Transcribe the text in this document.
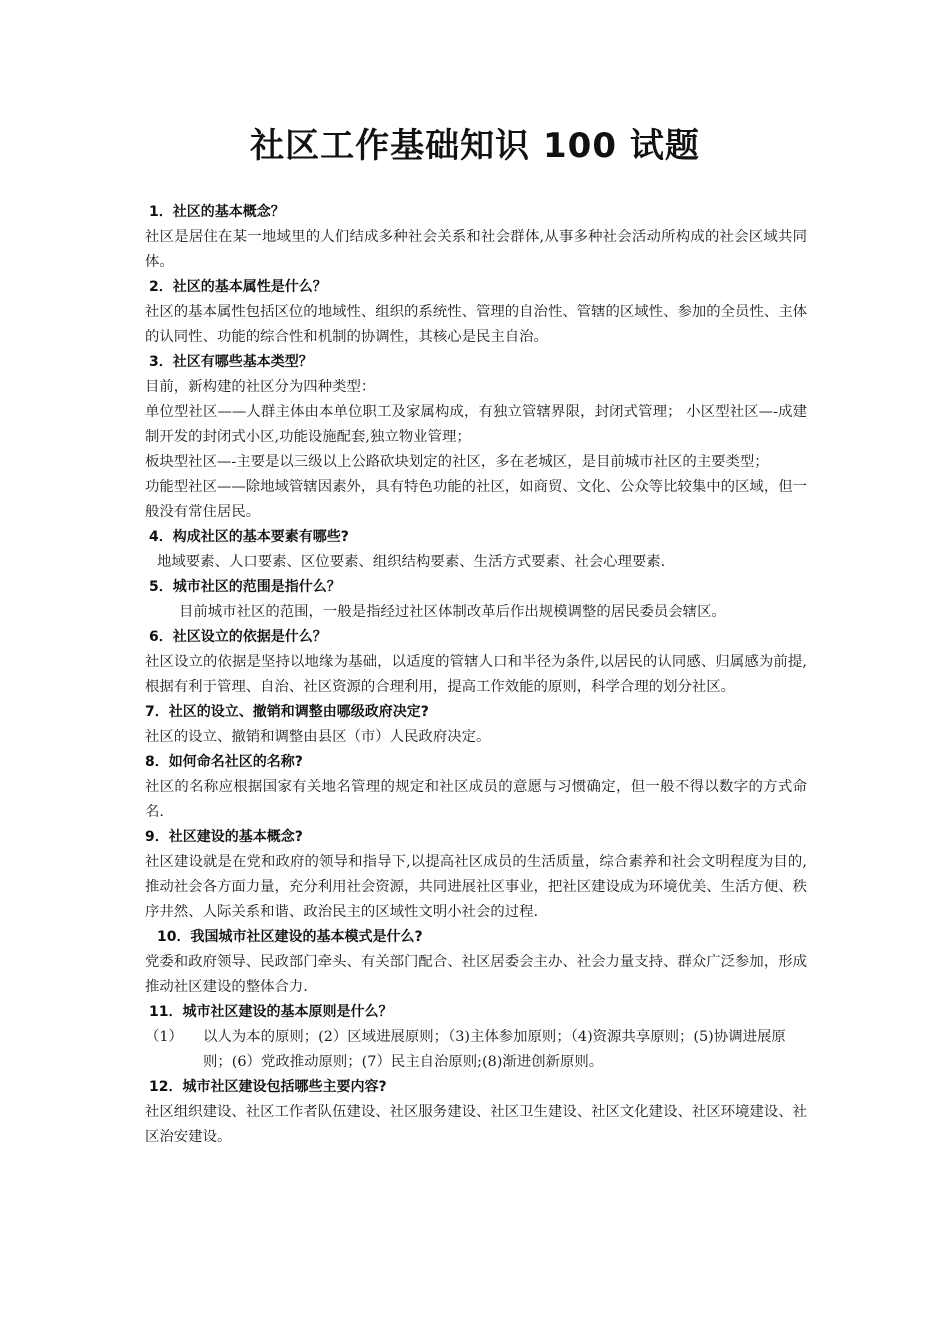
社区工作基础知识 100 试题
1．社区的基本概念？
社区是居住在某一地域里的人们结成多种社会关系和社会群体,从事多种社会活动所构成的社会区域共同体。
2．社区的基本属性是什么？
社区的基本属性包括区位的地域性、组织的系统性、管理的自治性、管辖的区域性、参加的全员性、主体的认同性、功能的综合性和机制的协调性，其核心是民主自治。
3．社区有哪些基本类型？
目前，新构建的社区分为四种类型：
单位型社区——人群主体由本单位职工及家属构成，有独立管辖界限，封闭式管理； 小区型社区—-成建制开发的封闭式小区,功能设施配套,独立物业管理；
板块型社区—-主要是以三级以上公路砍块划定的社区，多在老城区，是目前城市社区的主要类型；
功能型社区——除地域管辖因素外，具有特色功能的社区，如商贸、文化、公众等比较集中的区域，但一般没有常住居民。
4．构成社区的基本要素有哪些?
地域要素、人口要素、区位要素、组织结构要素、生活方式要素、社会心理要素.
5．城市社区的范围是指什么？
目前城市社区的范围，一般是指经过社区体制改革后作出规模调整的居民委员会辖区。
6．社区设立的依据是什么？
社区设立的依据是坚持以地缘为基础，以适度的管辖人口和半径为条件,以居民的认同感、归属感为前提,根据有利于管理、自治、社区资源的合理利用，提高工作效能的原则，科学合理的划分社区。
7．社区的设立、撤销和调整由哪级政府决定?
社区的设立、撤销和调整由县区（市）人民政府决定。
8．如何命名社区的名称?
社区的名称应根据国家有关地名管理的规定和社区成员的意愿与习惯确定，但一般不得以数字的方式命名.
9．社区建设的基本概念?
社区建设就是在党和政府的领导和指导下,以提高社区成员的生活质量，综合素养和社会文明程度为目的,推动社会各方面力量，充分利用社会资源，共同进展社区事业，把社区建设成为环境优美、生活方便、秩序井然、人际关系和谐、政治民主的区域性文明小社会的过程.
10．我国城市社区建设的基本模式是什么?
党委和政府领导、民政部门牵头、有关部门配合、社区居委会主办、社会力量支持、群众广泛参加，形成推动社区建设的整体合力.
11．城市社区建设的基本原则是什么？
（1） 以人为本的原则；(2）区域进展原则；（3)主体参加原则；（4)资源共享原则；(5)协调进展原则；(6）党政推动原则；(7）民主自治原则;(8)渐进创新原则。
12．城市社区建设包括哪些主要内容?
社区组织建设、社区工作者队伍建设、社区服务建设、社区卫生建设、社区文化建设、社区环境建设、社区治安建设。
